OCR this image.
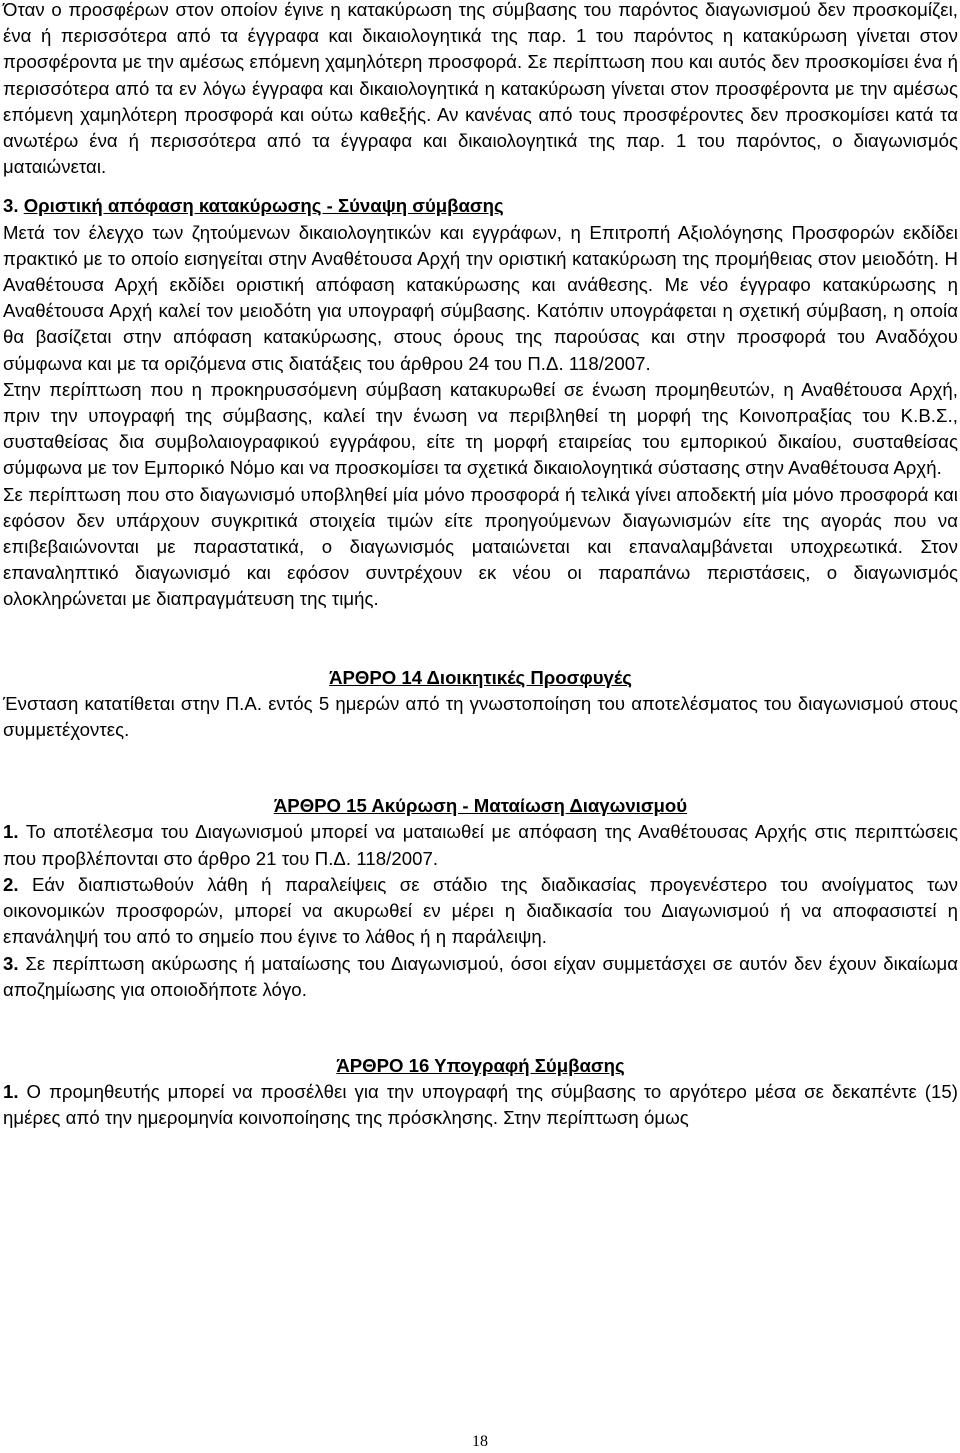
Όταν ο προσφέρων στον οποίον έγινε η κατακύρωση της σύμβασης του παρόντος διαγωνισμού δεν προσκομίζει, ένα ή περισσότερα από τα έγγραφα και δικαιολογητικά της παρ. 1 του παρόντος η κατακύρωση γίνεται στον προσφέροντα με την αμέσως επόμενη χαμηλότερη προσφορά. Σε περίπτωση που και αυτός δεν προσκομίσει ένα ή περισσότερα από τα εν λόγω έγγραφα και δικαιολογητικά η κατακύρωση γίνεται στον προσφέροντα με την αμέσως επόμενη χαμηλότερη προσφορά και ούτω καθεξής. Αν κανένας από τους προσφέροντες δεν προσκομίσει κατά τα ανωτέρω ένα ή περισσότερα από τα έγγραφα και δικαιολογητικά της παρ. 1 του παρόντος, ο διαγωνισμός ματαιώνεται.

3. Οριστική απόφαση κατακύρωσης - Σύναψη σύμβασης

Μετά τον έλεγχο των ζητούμενων δικαιολογητικών και εγγράφων, η Επιτροπή Αξιολόγησης Προσφορών εκδίδει πρακτικό με το οποίο εισηγείται στην Αναθέτουσα Αρχή την οριστική κατακύρωση της προμήθειας στον μειοδότη. Η Αναθέτουσα Αρχή εκδίδει οριστική απόφαση κατακύρωσης και ανάθεσης. Με νέο έγγραφο κατακύρωσης η Αναθέτουσα Αρχή καλεί τον μειοδότη για υπογραφή σύμβασης. Κατόπιν υπογράφεται η σχετική σύμβαση, η οποία θα βασίζεται στην απόφαση κατακύρωσης, στους όρους της παρούσας και στην προσφορά του Αναδόχου σύμφωνα και με τα οριζόμενα στις διατάξεις του άρθρου 24 του Π.Δ. 118/2007.

Στην περίπτωση που η προκηρυσσόμενη σύμβαση κατακυρωθεί σε ένωση προμηθευτών, η Αναθέτουσα Αρχή, πριν την υπογραφή της σύμβασης, καλεί την ένωση να περιβληθεί τη μορφή της Κοινοπραξίας του Κ.Β.Σ., συσταθείσας δια συμβολαιογραφικού εγγράφου, είτε τη μορφή εταιρείας του εμπορικού δικαίου, συσταθείσας σύμφωνα με τον Εμπορικό Νόμο και να προσκομίσει τα σχετικά δικαιολογητικά σύστασης στην Αναθέτουσα Αρχή.

Σε περίπτωση που στο διαγωνισμό υποβληθεί μία μόνο προσφορά ή τελικά γίνει αποδεκτή μία μόνο προσφορά και εφόσον δεν υπάρχουν συγκριτικά στοιχεία τιμών είτε προηγούμενων διαγωνισμών είτε της αγοράς που να επιβεβαιώνονται με παραστατικά, ο διαγωνισμός ματαιώνεται και επαναλαμβάνεται υποχρεωτικά. Στον επαναληπτικό διαγωνισμό και εφόσον συντρέχουν εκ νέου οι παραπάνω περιστάσεις, ο διαγωνισμός ολοκληρώνεται με διαπραγμάτευση της τιμής.

ΆΡΘΡΟ 14 Διοικητικές Προσφυγές

Ένσταση κατατίθεται στην Π.Α. εντός 5 ημερών από τη γνωστοποίηση του αποτελέσματος του διαγωνισμού στους συμμετέχοντες.

ΆΡΘΡΟ 15 Ακύρωση - Ματαίωση Διαγωνισμού

1. Το αποτέλεσμα του Διαγωνισμού μπορεί να ματαιωθεί με απόφαση της Αναθέτουσας Αρχής στις περιπτώσεις που προβλέπονται στο άρθρο 21 του Π.Δ. 118/2007.

2. Εάν διαπιστωθούν λάθη ή παραλείψεις σε στάδιο της διαδικασίας προγενέστερο του ανοίγματος των οικονομικών προσφορών, μπορεί να ακυρωθεί εν μέρει η διαδικασία του Διαγωνισμού ή να αποφασιστεί η επανάληψή του από το σημείο που έγινε το λάθος ή η παράλειψη.

3. Σε περίπτωση ακύρωσης ή ματαίωσης του Διαγωνισμού, όσοι είχαν συμμετάσχει σε αυτόν δεν έχουν δικαίωμα αποζημίωσης για οποιοδήποτε λόγο.

ΆΡΘΡΟ 16 Υπογραφή Σύμβασης

1. Ο προμηθευτής μπορεί να προσέλθει για την υπογραφή της σύμβασης το αργότερο μέσα σε δεκαπέντε (15) ημέρες από την ημερομηνία κοινοποίησης της πρόσκλησης. Στην περίπτωση όμως

18
